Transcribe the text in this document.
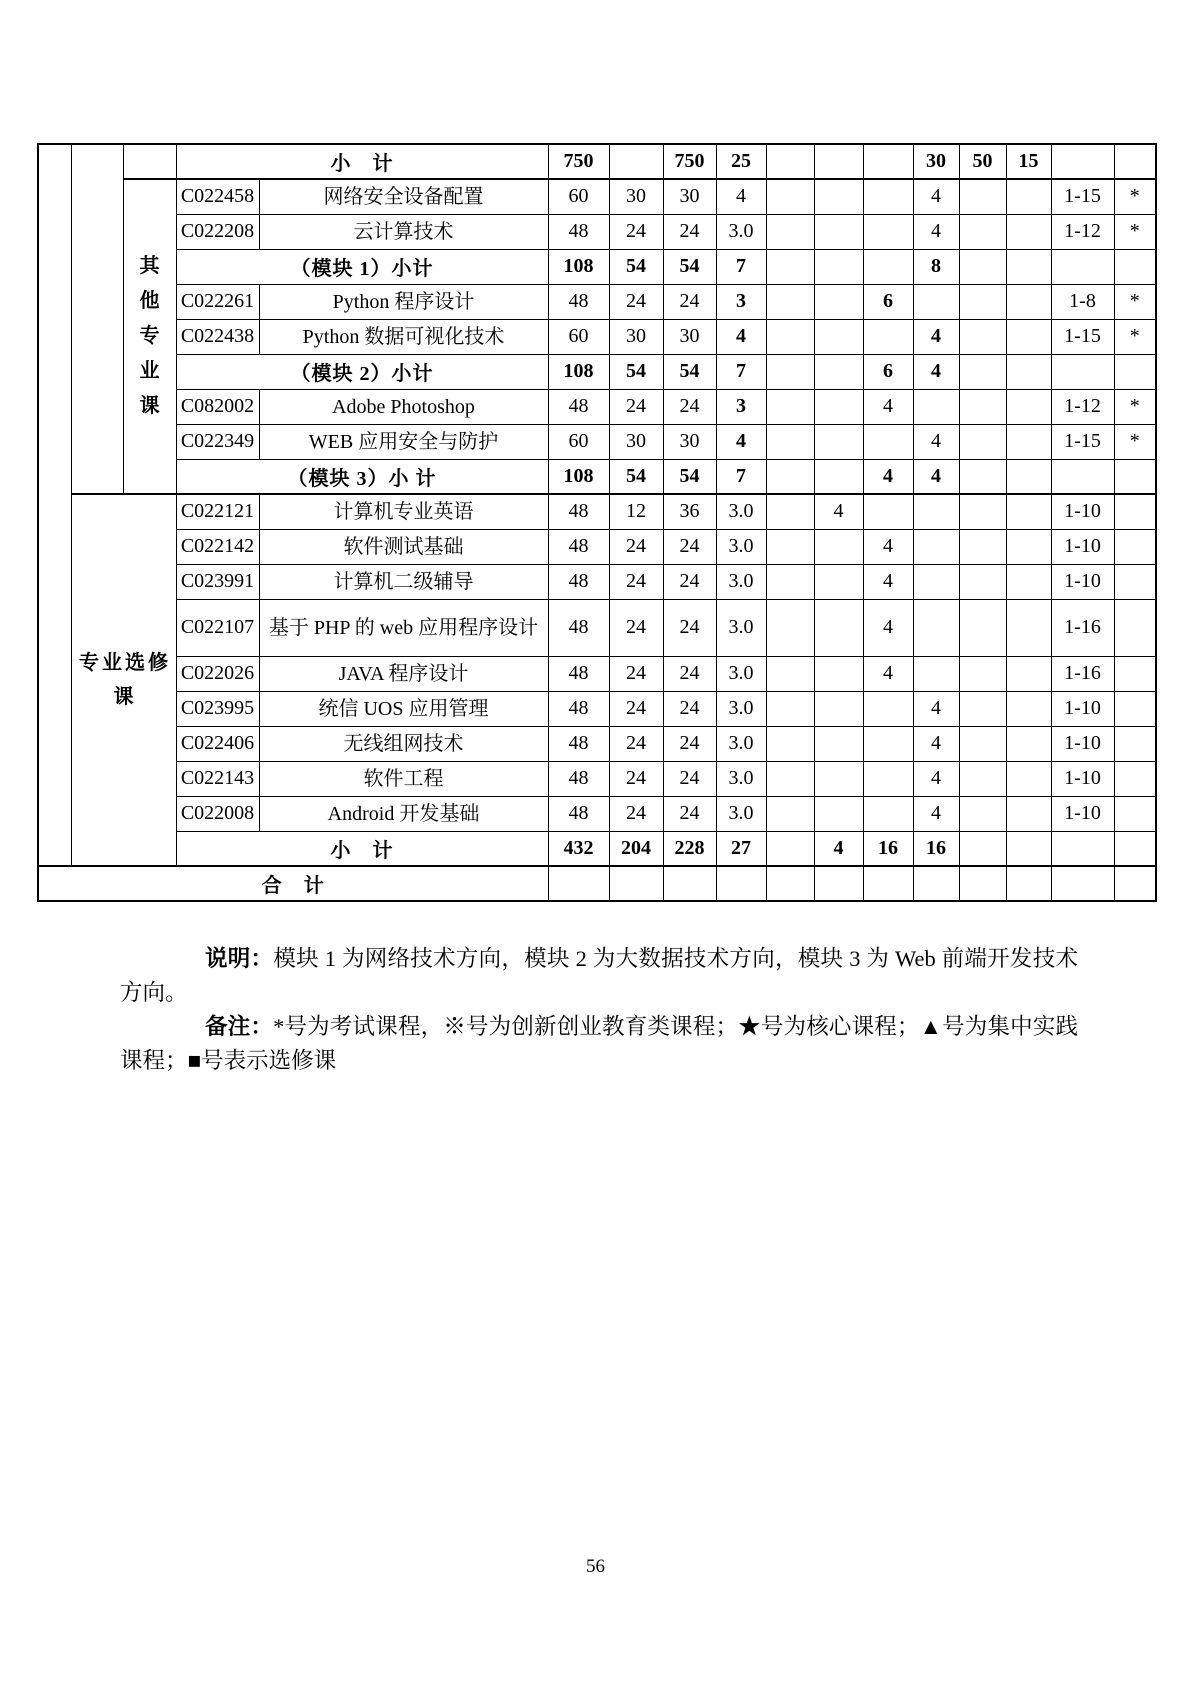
			小　计		750		750	25				30	50	15		

		其他专业课	C022458	网络安全设备配置	60	30	30	4				4			1-15	*

			C022208	云计算技术	48	24	24	3.0				4			1-12	*

			（模块 1）小计		108	54	54	7				8				

			C022261	Python 程序设计	48	24	24	3			6				1-8	*

			C022438	Python 数据可视化技术	60	30	30	4				4			1-15	*

			（模块 2）小计		108	54	54	7			6	4				

			C082002	Adobe Photoshop	48	24	24	3			4				1-12	*

			C022349	WEB 应用安全与防护	60	30	30	4				4			1-15	*

			（模块 3）小 计		108	54	54	7			4	4				

	专业选修课		C022121	计算机专业英语	48	12	36	3.0		4					1-10	

			C022142	软件测试基础	48	24	24	3.0			4				1-10	

			C023991	计算机二级辅导	48	24	24	3.0			4				1-10	

			C022107	基于 PHP 的 web 应用程序设计	48	24	24	3.0			4				1-16	

			C022026	JAVA 程序设计	48	24	24	3.0			4				1-16	

			C023995	统信 UOS 应用管理	48	24	24	3.0				4			1-10	

			C022406	无线组网技术	48	24	24	3.0				4			1-10	

			C022143	软件工程	48	24	24	3.0				4			1-10	

			C022008	Android 开发基础	48	24	24	3.0				4			1-10	

			小　计		432	204	228	27		4	16	16				

合　计																

说明：模块 1 为网络技术方向，模块 2 为大数据技术方向，模块 3 为 Web 前端开发技术方向。

备注：*号为考试课程，※号为创新创业教育类课程；★号为核心课程；▲号为集中实践课程；■号表示选修课

56
